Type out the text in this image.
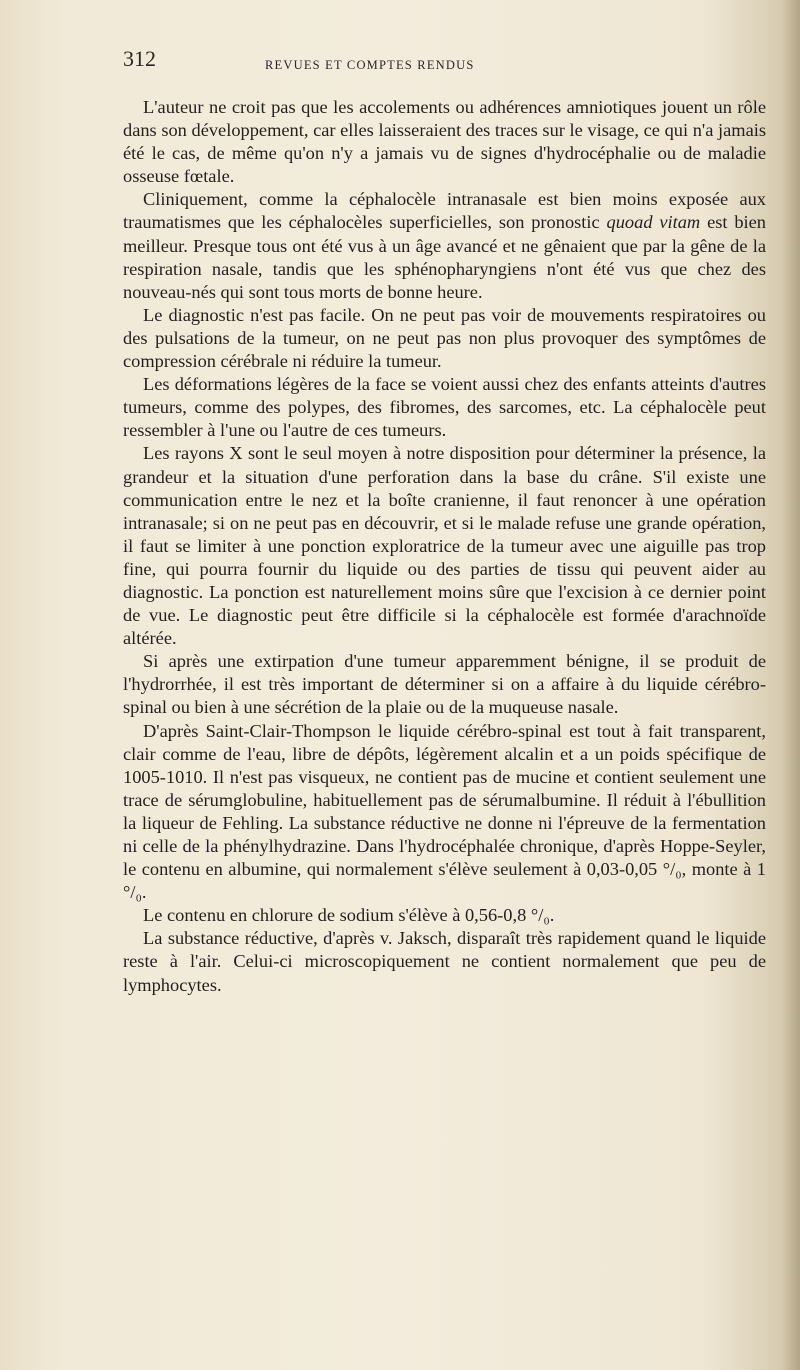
312	REVUES ET COMPTES RENDUS

L'auteur ne croit pas que les accolements ou adhérences amniotiques jouent un rôle dans son développement, car elles laisseraient des traces sur le visage, ce qui n'a jamais été le cas, de même qu'on n'y a jamais vu de signes d'hydrocéphalie ou de maladie osseuse fœtale.

Cliniquement, comme la céphalocèle intranasale est bien moins exposée aux traumatismes que les céphalocèles superficielles, son pronostic quoad vitam est bien meilleur. Presque tous ont été vus à un âge avancé et ne gênaient que par la gêne de la respiration nasale, tandis que les sphénopharyngiens n'ont été vus que chez des nouveau-nés qui sont tous morts de bonne heure.

Le diagnostic n'est pas facile. On ne peut pas voir de mouvements respiratoires ou des pulsations de la tumeur, on ne peut pas non plus provoquer des symptômes de compression cérébrale ni réduire la tumeur.

Les déformations légères de la face se voient aussi chez des enfants atteints d'autres tumeurs, comme des polypes, des fibromes, des sarcomes, etc. La céphalocèle peut ressembler à l'une ou l'autre de ces tumeurs.

Les rayons X sont le seul moyen à notre disposition pour déterminer la présence, la grandeur et la situation d'une perforation dans la base du crâne. S'il existe une communication entre le nez et la boîte cranienne, il faut renoncer à une opération intranasale; si on ne peut pas en découvrir, et si le malade refuse une grande opération, il faut se limiter à une ponction exploratrice de la tumeur avec une aiguille pas trop fine, qui pourra fournir du liquide ou des parties de tissu qui peuvent aider au diagnostic. La ponction est naturellement moins sûre que l'excision à ce dernier point de vue. Le diagnostic peut être difficile si la céphalocèle est formée d'arachnoïde altérée.

Si après une extirpation d'une tumeur apparemment bénigne, il se produit de l'hydrorrhée, il est très important de déterminer si on a affaire à du liquide cérébro-spinal ou bien à une sécrétion de la plaie ou de la muqueuse nasale.

D'après Saint-Clair-Thompson le liquide cérébro-spinal est tout à fait transparent, clair comme de l'eau, libre de dépôts, légèrement alcalin et a un poids spécifique de 1005-1010. Il n'est pas visqueux, ne contient pas de mucine et contient seulement une trace de sérumglobuline, habituellement pas de sérumalbumine. Il réduit à l'ébullition la liqueur de Fehling. La substance réductive ne donne ni l'épreuve de la fermentation ni celle de la phénylhydrazine. Dans l'hydrocéphalée chronique, d'après Hoppe-Seyler, le contenu en albumine, qui normalement s'élève seulement à 0,03-0,05 °/₀, monte à 1 °/₀.

Le contenu en chlorure de sodium s'élève à 0,56-0,8 °/₀.

La substance réductive, d'après v. Jaksch, disparaît très rapidement quand le liquide reste à l'air. Celui-ci microscopiquement ne contient normalement que peu de lymphocytes.
